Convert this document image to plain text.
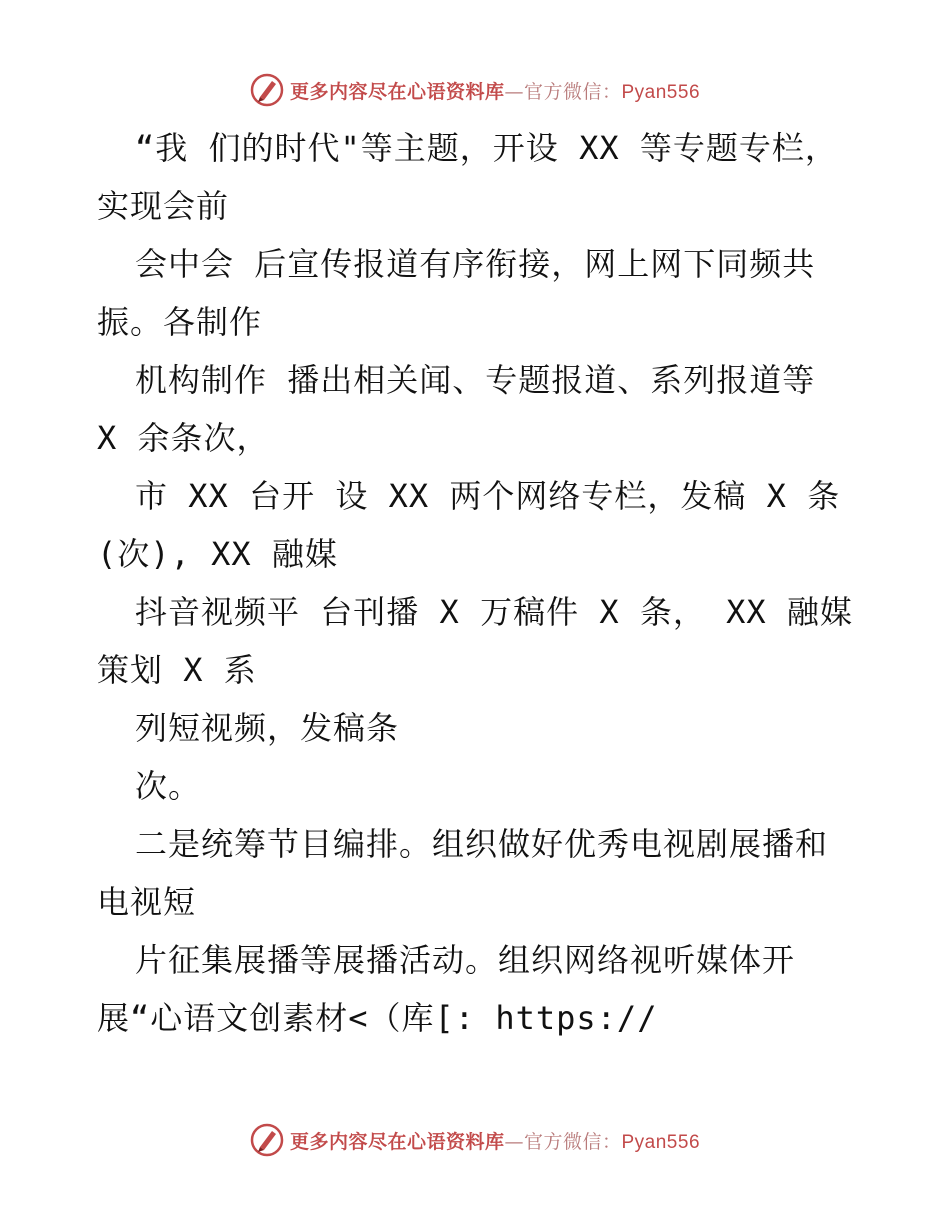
更多内容尽在心语资料库—官方微信：Pyan556
“我 们的时代"等主题，开设 XX 等专题专栏，
实现会前
会中会 后宣传报道有序衔接，网上网下同频共
振。各制作
机构制作 播出相关闻、专题报道、系列报道等
X 余条次，
市 XX 台开 设 XX 两个网络专栏，发稿 X 条
(次), XX 融媒
抖音视频平 台刊播 X 万稿件 X 条， XX 融媒
策划 X 系
列短视频，发稿条
次。
二是统筹节目编排。组织做好优秀电视剧展播和
电视短
片征集展播等展播活动。组织网络视听媒体开
展“心语文创素材<（库[: https://
更多内容尽在心语资料库—官方微信：Pyan556
